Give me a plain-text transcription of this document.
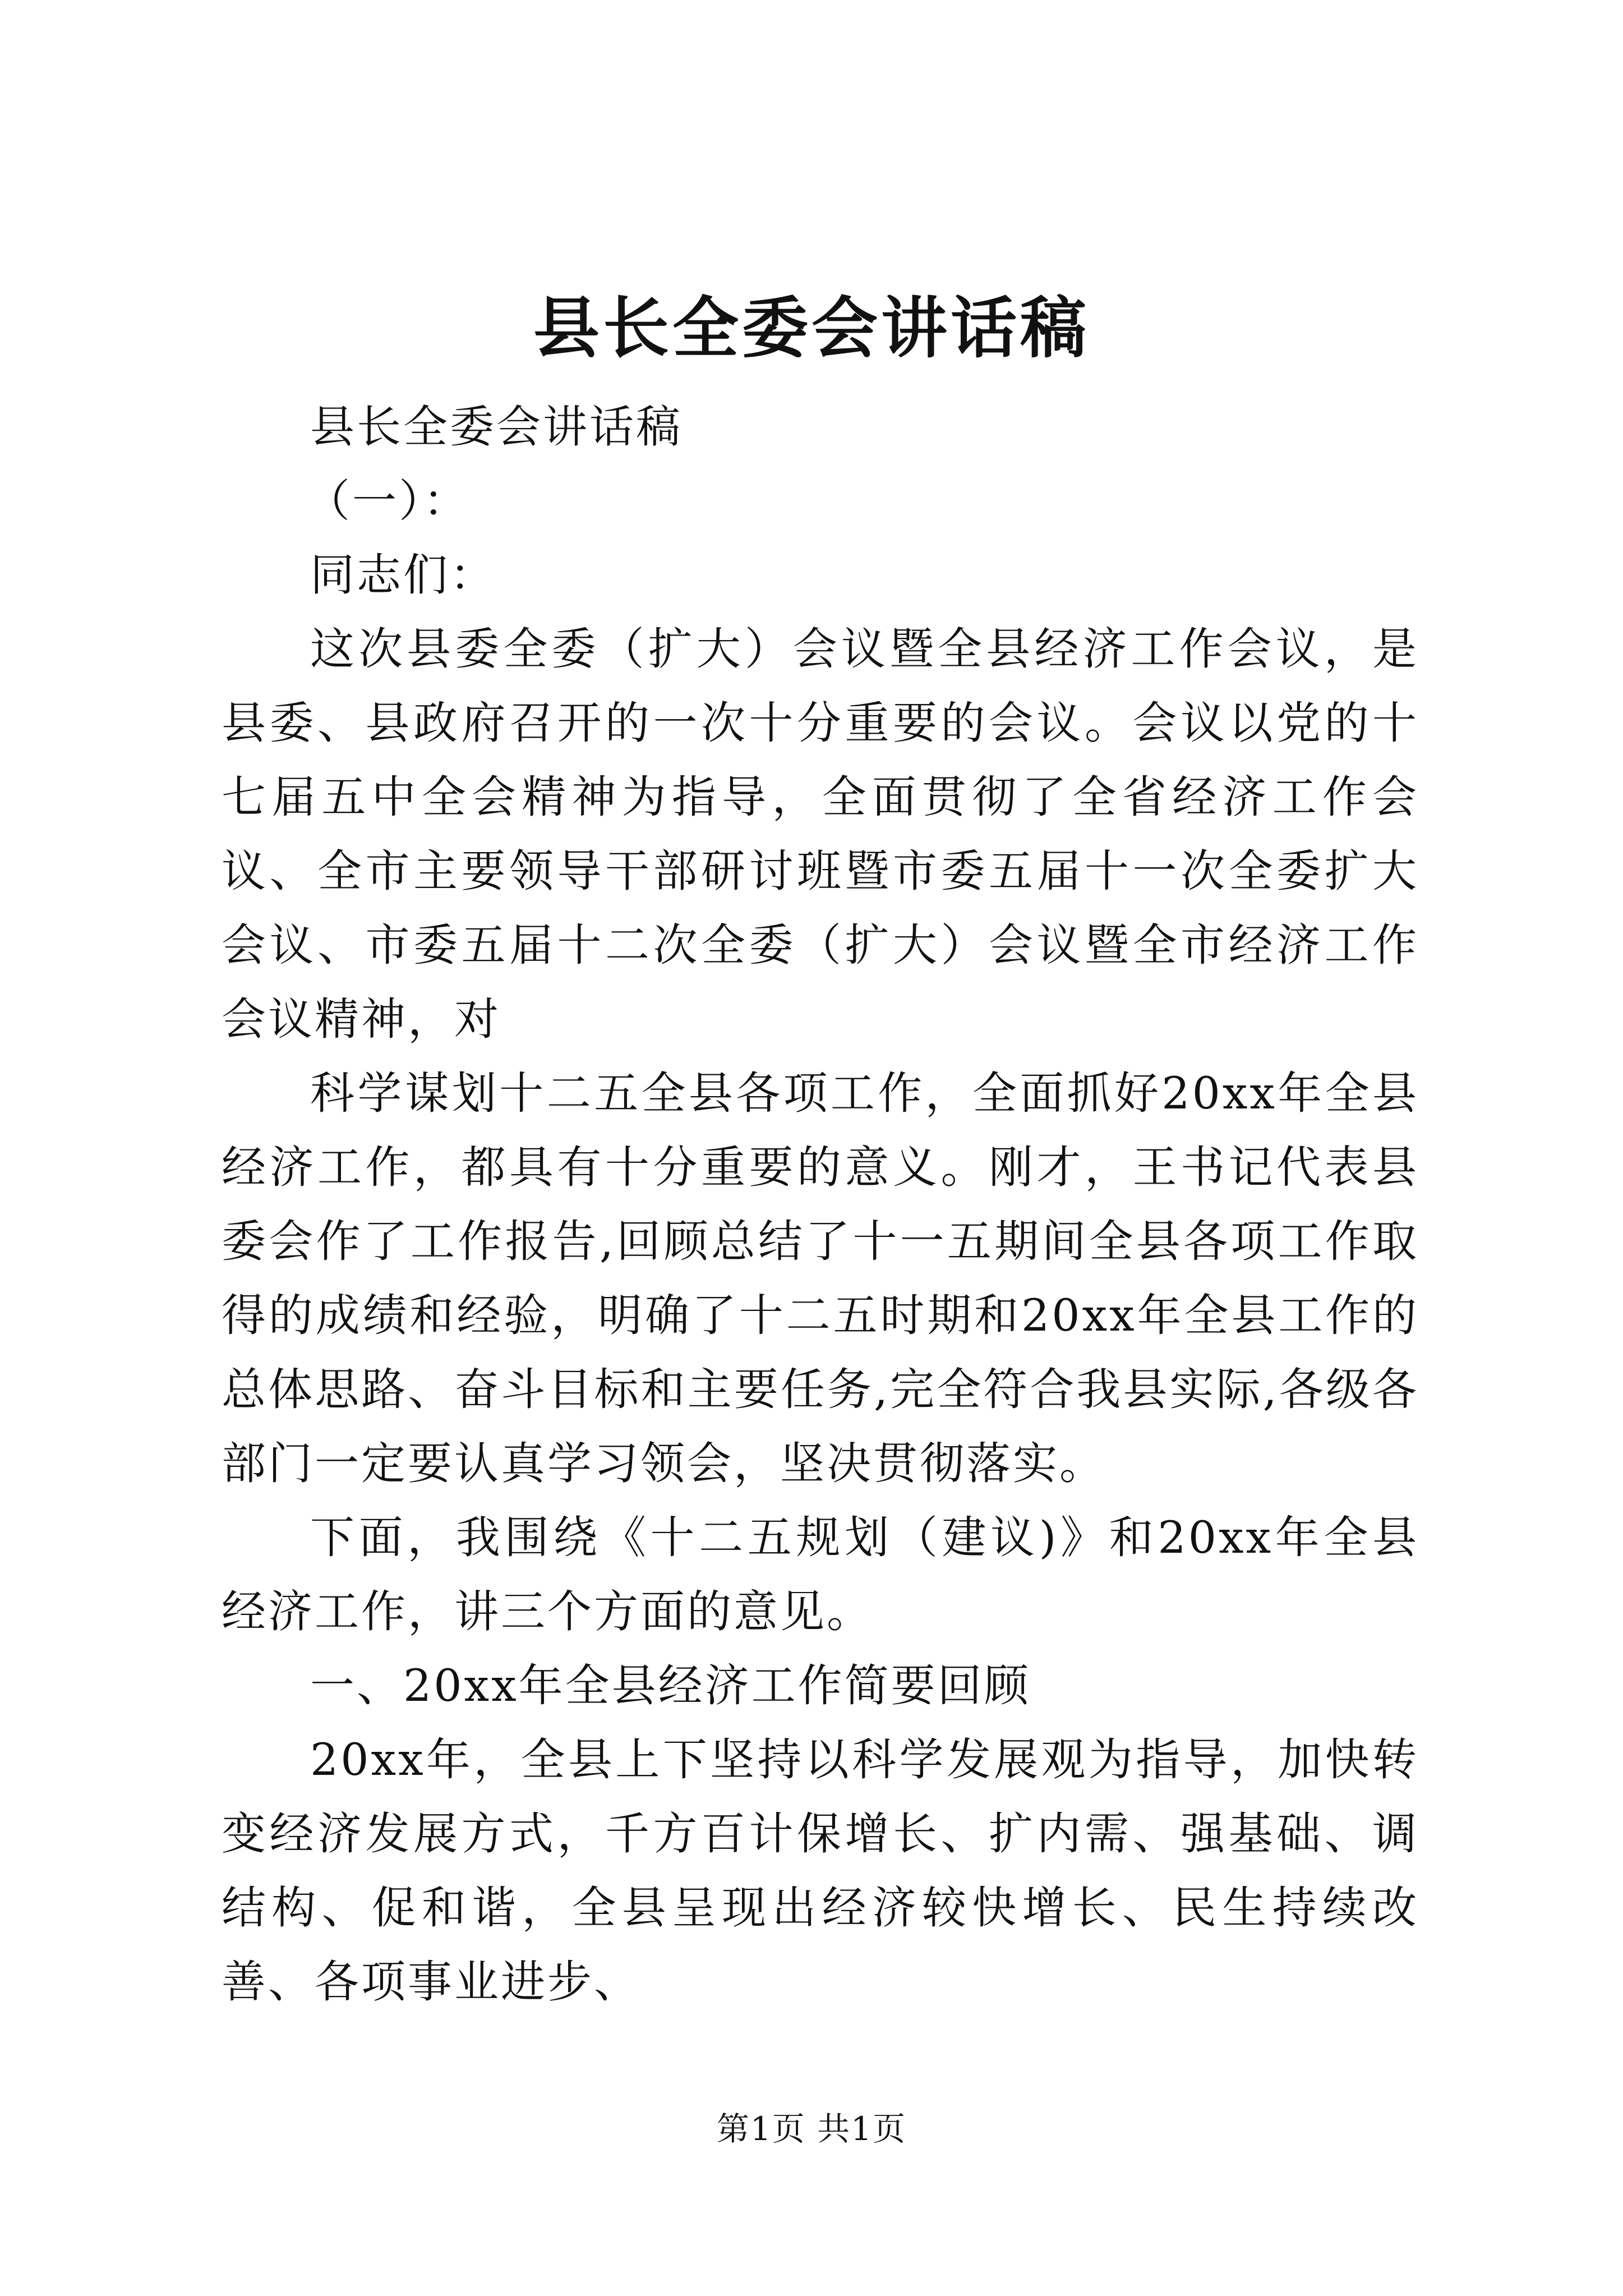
县长全委会讲话稿

县长全委会讲话稿

（一）：

同志们：

这次县委全委（扩大）会议暨全县经济工作会议，是县委、县政府召开的一次十分重要的会议。会议以党的十七届五中全会精神为指导，全面贯彻了全省经济工作会议、全市主要领导干部研讨班暨市委五届十一次全委扩大会议、市委五届十二次全委（扩大）会议暨全市经济工作会议精神，对

科学谋划十二五全县各项工作，全面抓好20xx年全县经济工作，都具有十分重要的意义。刚才，王书记代表县委会作了工作报告,回顾总结了十一五期间全县各项工作取得的成绩和经验，明确了十二五时期和20xx年全县工作的总体思路、奋斗目标和主要任务,完全符合我县实际,各级各部门一定要认真学习领会，坚决贯彻落实。

下面，我围绕《十二五规划（建议)》和20xx年全县经济工作，讲三个方面的意见。

一、20xx年全县经济工作简要回顾

20xx年，全县上下坚持以科学发展观为指导，加快转变经济发展方式，千方百计保增长、扩内需、强基础、调结构、促和谐，全县呈现出经济较快增长、民生持续改善、各项事业进步、

第1页 共1页
